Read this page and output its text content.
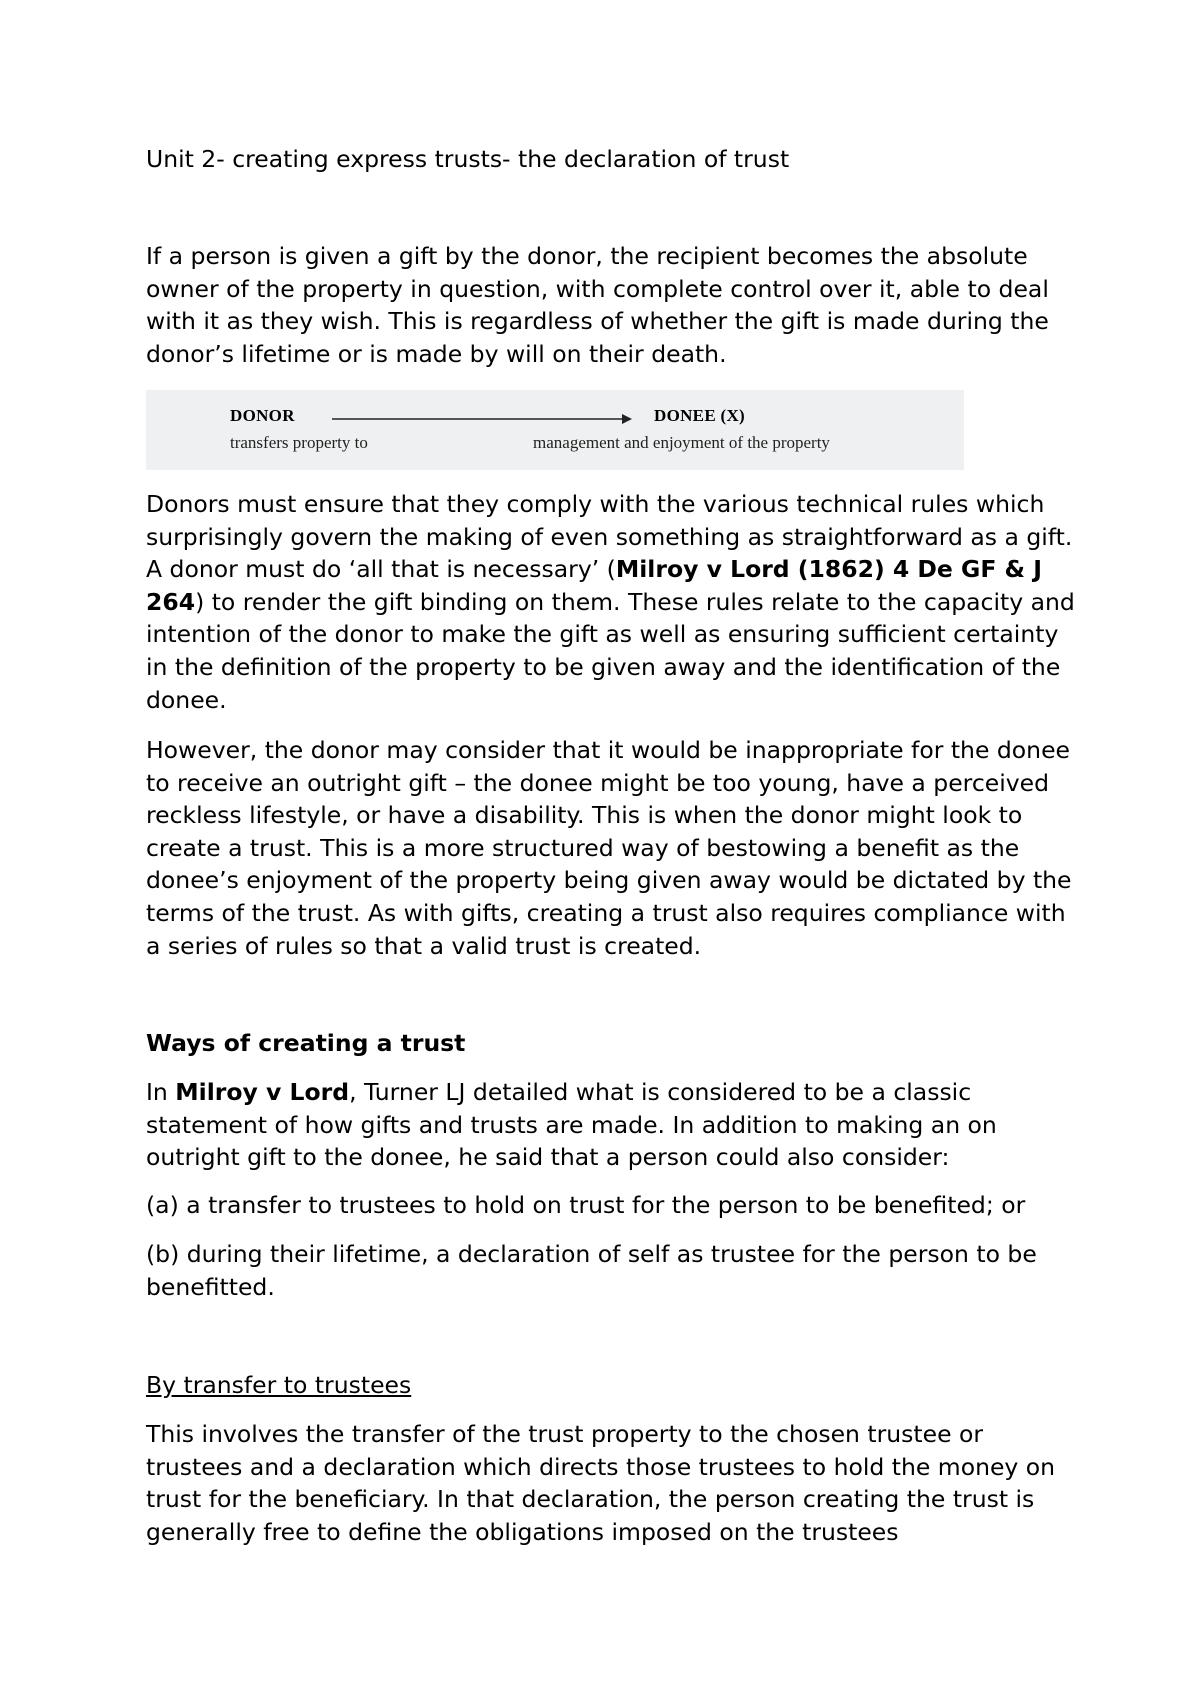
Unit 2- creating express trusts- the declaration of trust

If a person is given a gift by the donor, the recipient becomes the absolute owner of the property in question, with complete control over it, able to deal with it as they wish. This is regardless of whether the gift is made during the donor’s lifetime or is made by will on their death.

DONOR
transfers property to
DONEE (X)
management and enjoyment of the property

Donors must ensure that they comply with the various technical rules which surprisingly govern the making of even something as straightforward as a gift. A donor must do ‘all that is necessary’ (Milroy v Lord (1862) 4 De GF & J 264) to render the gift binding on them. These rules relate to the capacity and intention of the donor to make the gift as well as ensuring sufficient certainty in the definition of the property to be given away and the identification of the donee.

However, the donor may consider that it would be inappropriate for the donee to receive an outright gift – the donee might be too young, have a perceived reckless lifestyle, or have a disability. This is when the donor might look to create a trust. This is a more structured way of bestowing a benefit as the donee’s enjoyment of the property being given away would be dictated by the terms of the trust. As with gifts, creating a trust also requires compliance with a series of rules so that a valid trust is created.

Ways of creating a trust

In Milroy v Lord, Turner LJ detailed what is considered to be a classic statement of how gifts and trusts are made. In addition to making an on outright gift to the donee, he said that a person could also consider:

(a) a transfer to trustees to hold on trust for the person to be benefited; or

(b) during their lifetime, a declaration of self as trustee for the person to be benefitted.

By transfer to trustees

This involves the transfer of the trust property to the chosen trustee or trustees and a declaration which directs those trustees to hold the money on trust for the beneficiary. In that declaration, the person creating the trust is generally free to define the obligations imposed on the trustees
